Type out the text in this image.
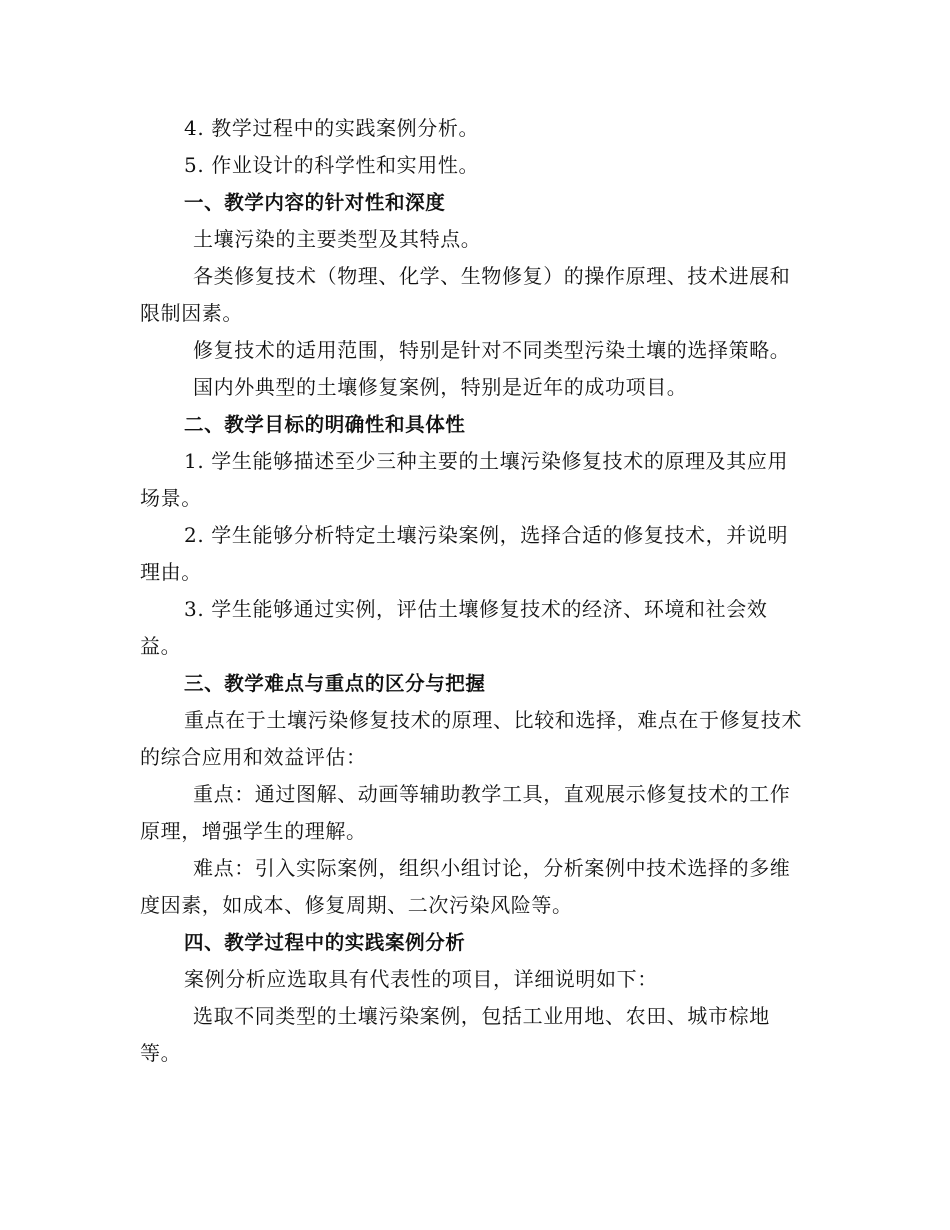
4. 教学过程中的实践案例分析。

5. 作业设计的科学性和实用性。

一、教学内容的针对性和深度

土壤污染的主要类型及其特点。

各类修复技术（物理、化学、生物修复）的操作原理、技术进展和限制因素。

修复技术的适用范围，特别是针对不同类型污染土壤的选择策略。

国内外典型的土壤修复案例，特别是近年的成功项目。

二、教学目标的明确性和具体性

1. 学生能够描述至少三种主要的土壤污染修复技术的原理及其应用场景。

2. 学生能够分析特定土壤污染案例，选择合适的修复技术，并说明理由。

3. 学生能够通过实例，评估土壤修复技术的经济、环境和社会效益。

三、教学难点与重点的区分与把握

重点在于土壤污染修复技术的原理、比较和选择，难点在于修复技术的综合应用和效益评估：

重点：通过图解、动画等辅助教学工具，直观展示修复技术的工作原理，增强学生的理解。

难点：引入实际案例，组织小组讨论，分析案例中技术选择的多维度因素，如成本、修复周期、二次污染风险等。

四、教学过程中的实践案例分析

案例分析应选取具有代表性的项目，详细说明如下：

选取不同类型的土壤污染案例，包括工业用地、农田、城市棕地等。
